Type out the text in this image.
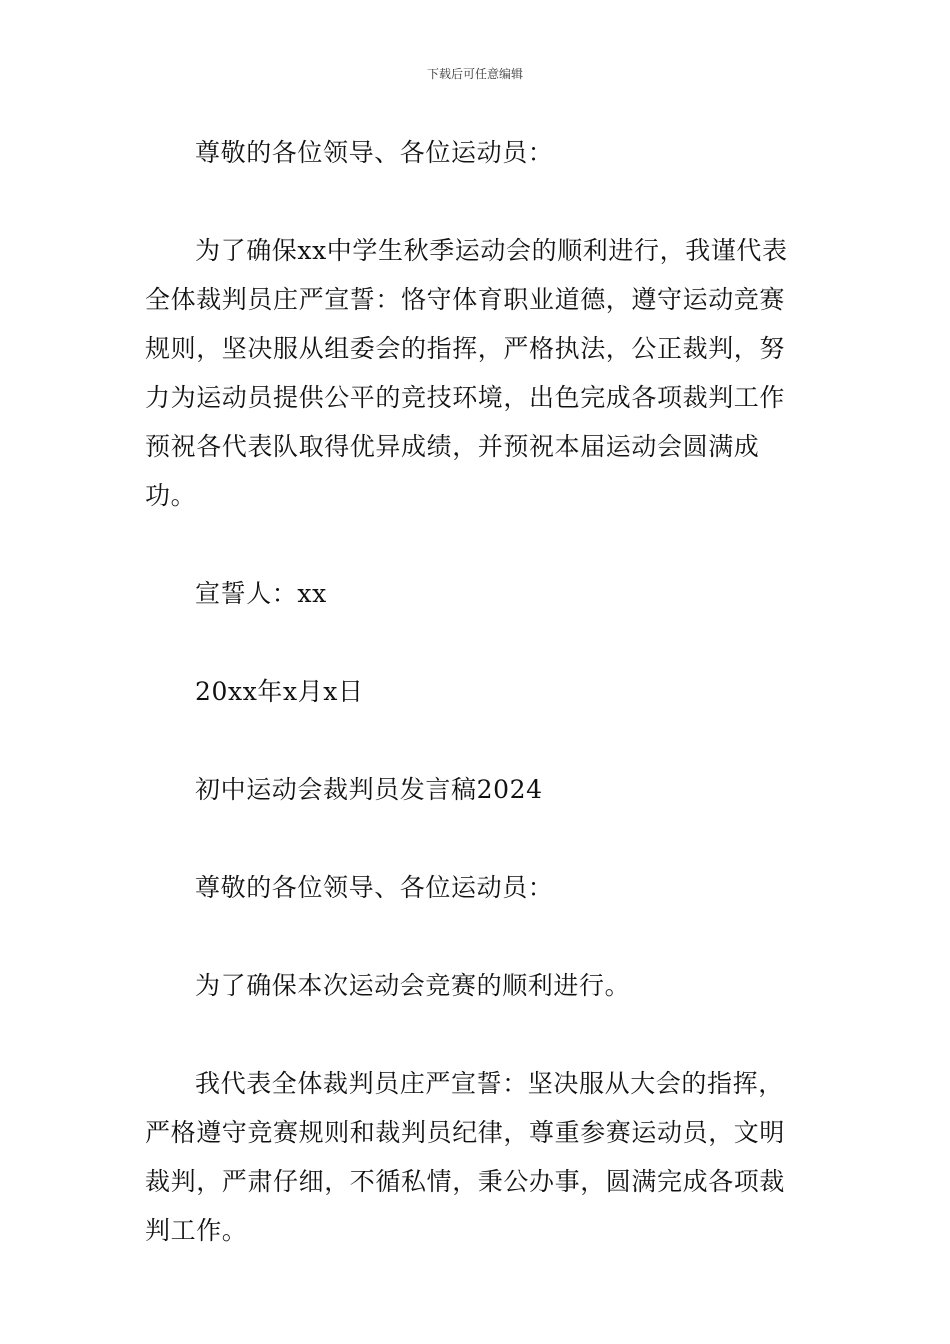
下载后可任意编辑

尊敬的各位领导、各位运动员：

为了确保xx中学生秋季运动会的顺利进行，我谨代表全体裁判员庄严宣誓：恪守体育职业道德，遵守运动竞赛规则，坚决服从组委会的指挥，严格执法，公正裁判，努力为运动员提供公平的竞技环境，出色完成各项裁判工作预祝各代表队取得优异成绩，并预祝本届运动会圆满成功。

宣誓人：xx

20xx年x月x日

初中运动会裁判员发言稿2024

尊敬的各位领导、各位运动员：

为了确保本次运动会竞赛的顺利进行。

我代表全体裁判员庄严宣誓：坚决服从大会的指挥，严格遵守竞赛规则和裁判员纪律，尊重参赛运动员，文明裁判，严肃仔细，不循私情，秉公办事，圆满完成各项裁判工作。
